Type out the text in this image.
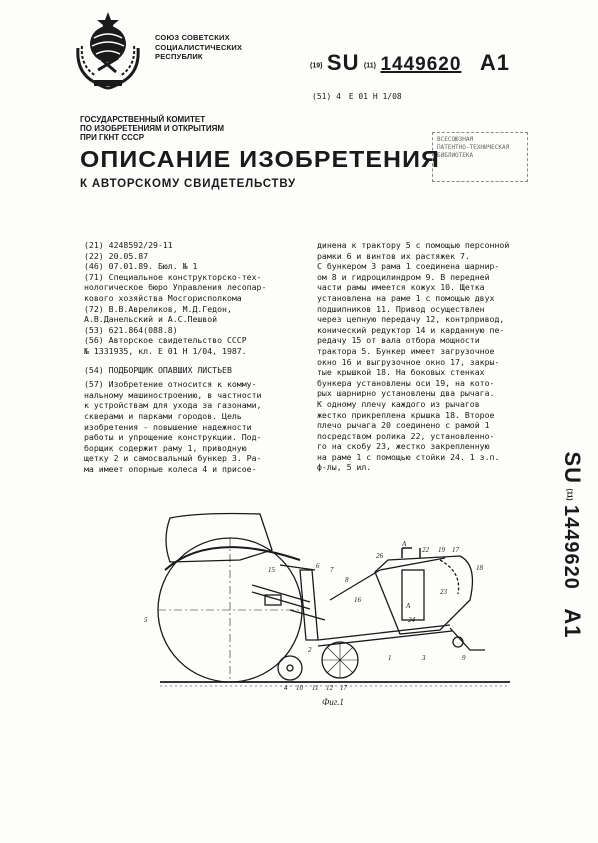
СОЮЗ СОВЕТСКИХ
СОЦИАЛИСТИЧЕСКИХ
РЕСПУБЛИК
(19) SU (11) 1449620 A1
(51) 4 E 01 H 1/08
ГОСУДАРСТВЕННЫЙ КОМИТЕТ
ПО ИЗОБРЕТЕНИЯМ И ОТКРЫТИЯМ
ПРИ ГКНТ СССР
ОПИСАНИЕ ИЗОБРЕТЕНИЯ
К АВТОРСКОМУ СВИДЕТЕЛЬСТВУ
ВСЕСОЮЗНАЯ
ПАТЕНТНО-ТЕХНИЧЕСКАЯ
БИБЛИОТЕКА
(21) 4248592/29-11
(22) 20.05.87
(46) 07.01.89. Бюл. № 1
(71) Специальное конструкторско-тех-
нологическое бюро Управления лесопар-
кового хозяйства Мосгорисполкома
(72) В.В.Авреликов, М.Д.Гедон,
А.В.Данельский и А.С.Пешвой
(53) 621.864(088.8)
(56) Авторское свидетельство СССР
№ 1331935, кл. Е 01 Н 1/04, 1987.
(54) ПОДБОРЩИК ОПАВШИХ ЛИСТЬЕВ
(57) Изобретение относится к комму-
нальному машиностроению, в частности
к устройствам для ухода за газонами,
скверами и парками городов. Цель
изобретения - повышение надежности
работы и упрощение конструкции. Под-
борщик содержит раму 1, приводную
щетку 2 и самосвальный бункер 3. Ра-
ма имеет опорные колеса 4 и присое-
динена к трактору 5 с помощью персонной
рамки 6 и винтов их растяжек 7.
С бункером 3 рама 1 соединена шарнир-
ом 8 и гидроцилиндром 9. В передней
части рамы имеется кожух 10. Щетка
установлена на раме 1 с помощью двух
подшипников 11. Привод осуществлен
через цепную передачу 12, контрпривод,
конический редуктор 14 и карданную пе-
редачу 15 от вала отбора мощности
трактора 5. Бункер имеет загрузочное
окно 16 и выгрузочное окно 17, закры-
тые крышкой 18. На боковых стенках
бункера установлены оси 19, на кото-
рых шарнирно установлены два рычага.
К одному плечу каждого из рычагов
жестко прикреплена крышка 18. Второе
плечо рычага 20 соединено с рамой 1
посредством ролика 22, установленно-
го на скобу 23, жестко закрепленную
на раме 1 с помощью стойки 24. 1 з.п.
ф-лы, 5 ил.	SU (11) 1449620 A1
5
15	6 7
8
16
26
A
22 19 17
18
23
A
24
9
1
2
3
4 10 11 12 17
Фиг.1
